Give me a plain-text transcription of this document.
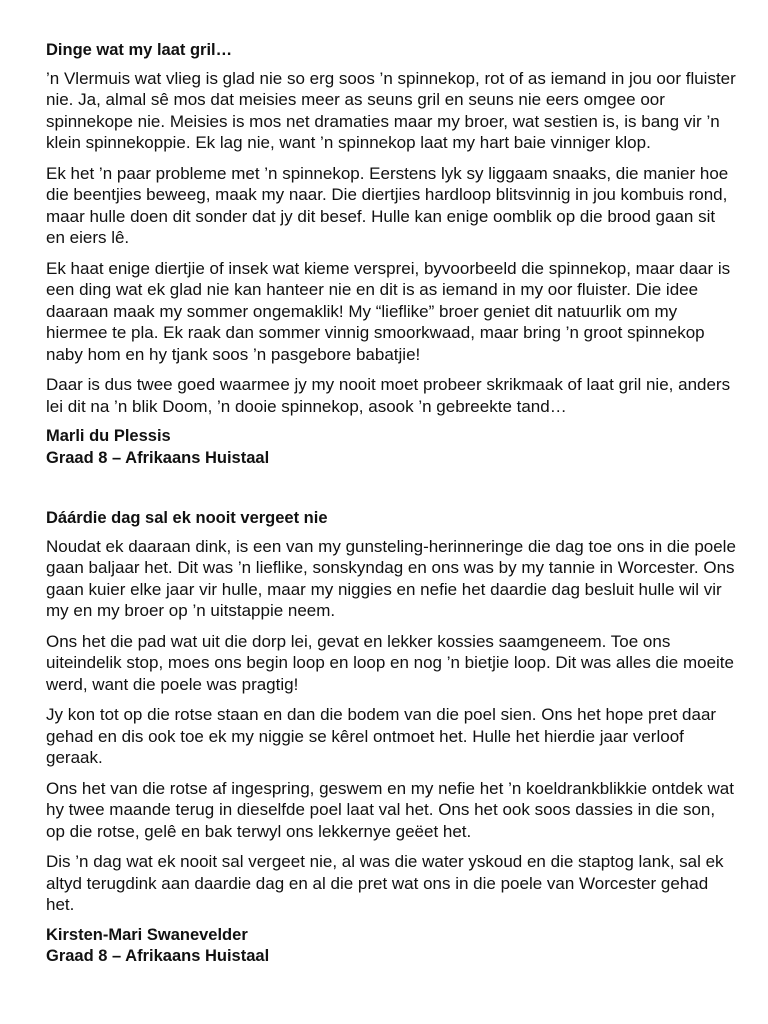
Dinge wat my laat gril…

’n Vlermuis wat vlieg is glad nie so erg soos ’n spinnekop, rot of as iemand in jou oor fluister nie. Ja, almal sê mos dat meisies meer as seuns gril en seuns nie eers omgee oor spinnekope nie. Meisies is mos net dramaties maar my broer, wat sestien is, is bang vir ’n klein spinnekoppie. Ek lag nie, want ’n spinnekop laat my hart baie vinniger klop.

Ek het ’n paar probleme met ’n spinnekop. Eerstens lyk sy liggaam snaaks, die manier hoe die beentjies beweeg, maak my naar. Die diertjies hardloop blitsvinnig in jou kombuis rond, maar hulle doen dit sonder dat jy dit besef. Hulle kan enige oomblik op die brood gaan sit en eiers lê.

Ek haat enige diertjie of insek wat kieme versprei, byvoorbeeld die spinnekop, maar daar is een ding wat ek glad nie kan hanteer nie en dit is as iemand in my oor fluister. Die idee daaraan maak my sommer ongemaklik! My “lieflike” broer geniet dit natuurlik om my hiermee te pla. Ek raak dan sommer vinnig smoorkwaad, maar bring ’n groot spinnekop naby hom en hy tjank soos ’n pasgebore babatjie!

Daar is dus twee goed waarmee jy my nooit moet probeer skrikmaak of laat gril nie, anders lei dit na ’n blik Doom, ’n dooie spinnekop, asook ’n gebreekte tand…

Marli du Plessis
Graad 8 – Afrikaans Huistaal
Dáárdie dag sal ek nooit vergeet nie

Noudat ek daaraan dink, is een van my gunsteling-herinneringe die dag toe ons in die poele gaan baljaar het. Dit was ’n lieflike, sonskyndag en ons was by my tannie in Worcester. Ons gaan kuier elke jaar vir hulle, maar my niggies en nefie het daardie dag besluit hulle wil vir my en my broer op ’n uitstappie neem.

Ons het die pad wat uit die dorp lei, gevat en lekker kossies saamgeneem. Toe ons uiteindelik stop, moes ons begin loop en loop en nog ’n bietjie loop. Dit was alles die moeite werd, want die poele was pragtig!

Jy kon tot op die rotse staan en dan die bodem van die poel sien. Ons het hope pret daar gehad en dis ook toe ek my niggie se kêrel ontmoet het. Hulle het hierdie jaar verloof geraak.

Ons het van die rotse af ingespring, geswem en my nefie het ’n koeldrankblikkie ontdek wat hy twee maande terug in dieselfde poel laat val het. Ons het ook soos dassies in die son, op die rotse, gelê en bak terwyl ons lekkernye geëet het.

Dis ’n dag wat ek nooit sal vergeet nie, al was die water yskoud en die staptog lank, sal ek altyd terugdink aan daardie dag en al die pret wat ons in die poele van Worcester gehad het.

Kirsten-Mari Swanevelder
Graad 8 – Afrikaans Huistaal
